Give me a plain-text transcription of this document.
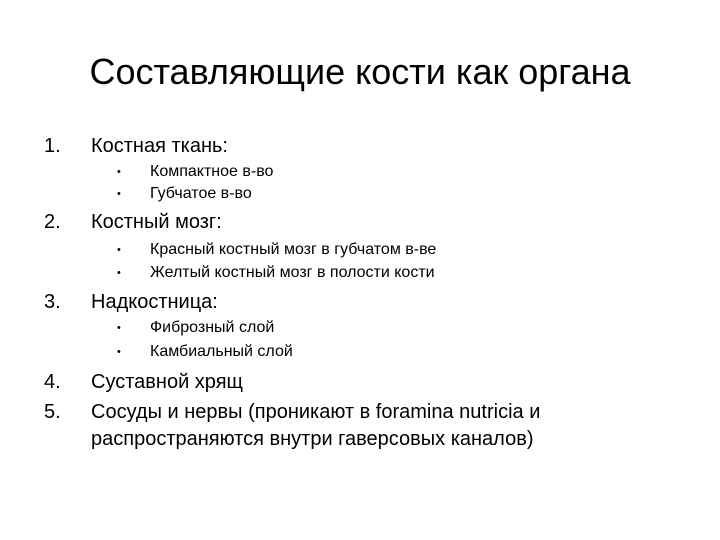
Составляющие кости как органа
1. Костная ткань:
• Компактное в-во
• Губчатое в-во
2. Костный мозг:
• Красный костный мозг в губчатом в-ве
• Желтый костный мозг в полости кости
3. Надкостница:
• Фиброзный слой
• Камбиальный слой
4. Суставной хрящ
5. Сосуды и нервы (проникают в foramina nutricia и
распространяются внутри гаверсовых каналов)
